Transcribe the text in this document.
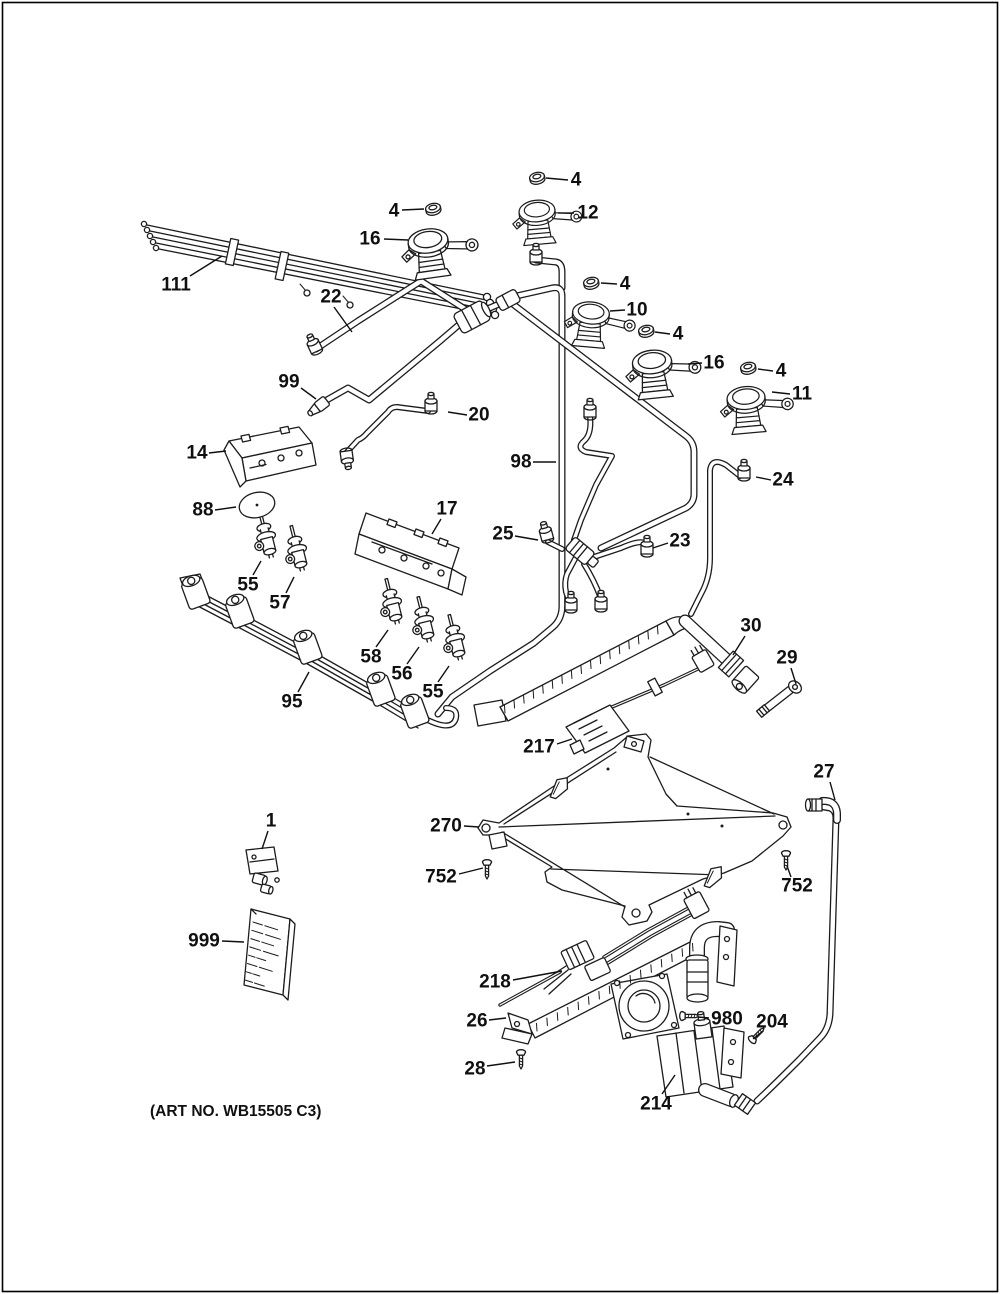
4
12
4
16
22
111
99
4
10
4
16	4
11
20
14	98
24
88	17
25	23
55
57
30
58	29
56
55
95
217
27
270
752	752
1
999
218
26	980 204
28
214
(ART NO. WB15505 C3)
